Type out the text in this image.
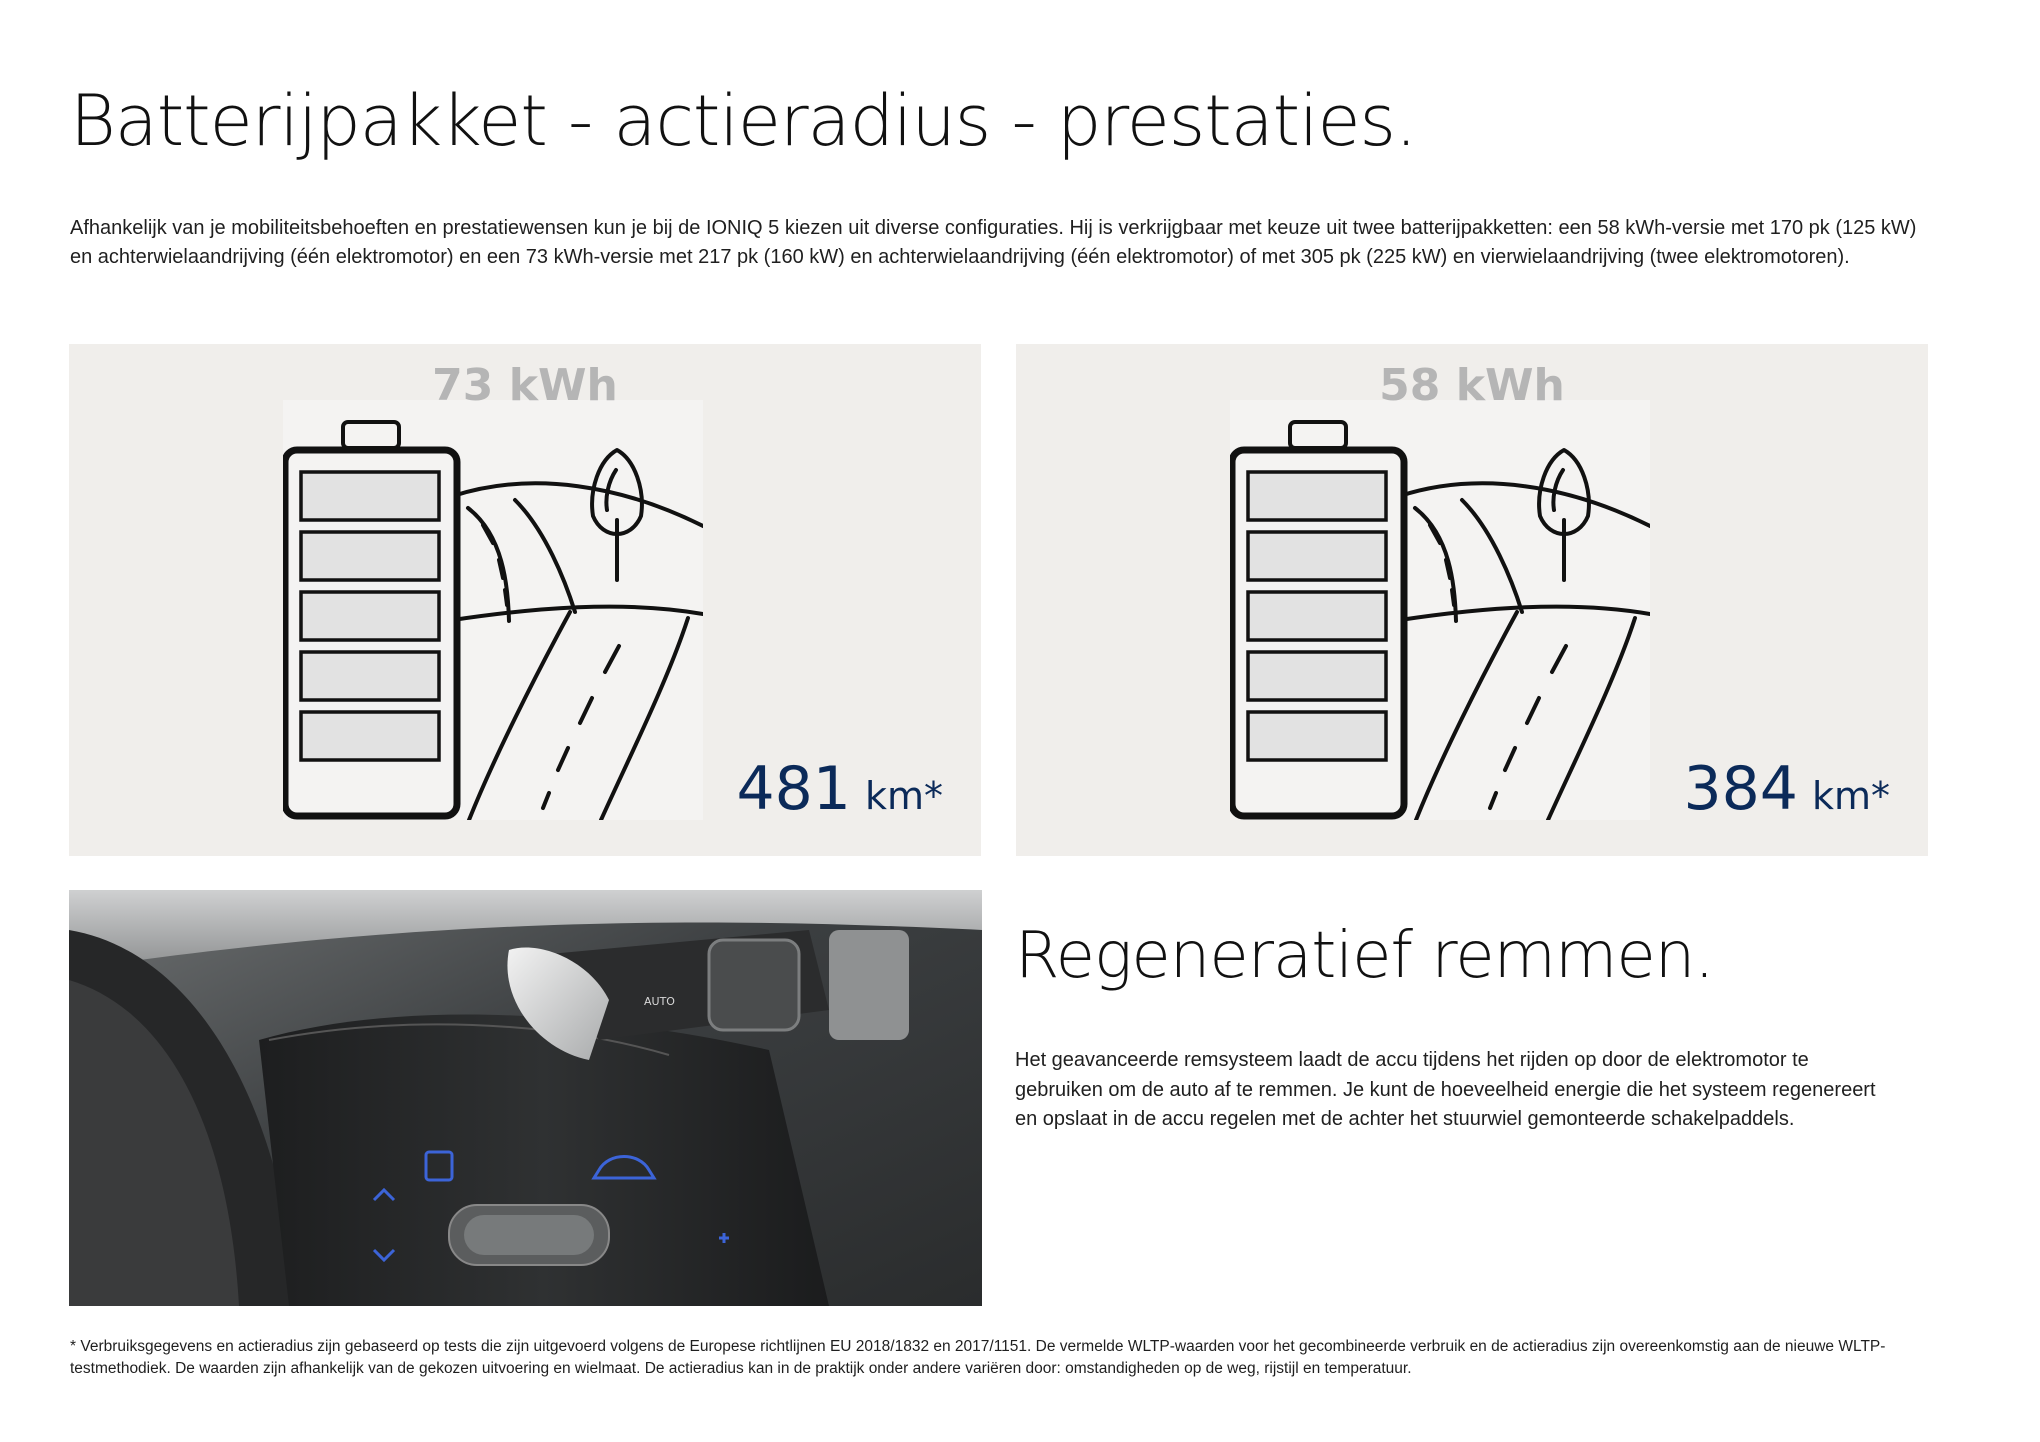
Batterijpakket - actieradius - prestaties.

Afhankelijk van je mobiliteitsbehoeften en prestatiewensen kun je bij de IONIQ 5 kiezen uit diverse configuraties. Hij is verkrijgbaar met keuze uit twee batterijpakketten: een 58 kWh-versie met 170 pk (125 kW) en achterwielaandrijving (één elektromotor) en een 73 kWh-versie met 217 pk (160 kW) en achterwielaandrijving (één elektromotor) of met 305 pk (225 kW) en vierwielaandrijving (twee elektromotoren).

73 kWh
481 km*
58 kWh
384 km*
AUTO
Regeneratief remmen.

Het geavanceerde remsysteem laadt de accu tijdens het rijden op door de elektromotor te gebruiken om de auto af te remmen. Je kunt de hoeveelheid energie die het systeem regenereert en opslaat in de accu regelen met de achter het stuurwiel gemonteerde schakelpaddels.

* Verbruiksgegevens en actieradius zijn gebaseerd op tests die zijn uitgevoerd volgens de Europese richtlijnen EU 2018/1832 en 2017/1151. De vermelde WLTP-waarden voor het gecombineerde verbruik en de actieradius zijn overeenkomstig aan de nieuwe WLTP-testmethodiek. De waarden zijn afhankelijk van de gekozen uitvoering en wielmaat. De actieradius kan in de praktijk onder andere variëren door: omstandigheden op de weg, rijstijl en temperatuur.
